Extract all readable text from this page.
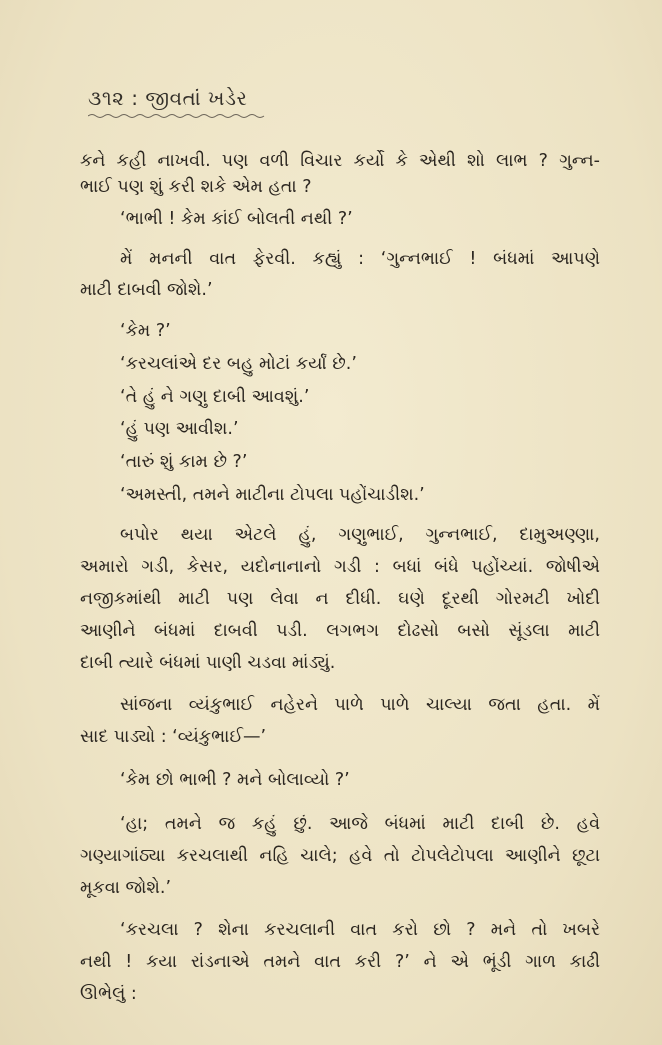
૩૧૨ : જીવતાં ખડેર
કને કહી નાખવી. પણ વળી વિચાર કર્યો કે એથી શો લાભ ? ગુન્ન-
ભાઈ પણ શું કરી શકે એમ હતા ?
‘ભાભી ! કેમ કાંઈ બોલતી નથી ?’
મેં મનની વાત ફેરવી. કહ્યું : ‘ગુન્નભાઈ ! બંધમાં આપણે
માટી દાબવી જોશે.’
‘કેમ ?’
‘કરચલાંએ દર બહુ મોટાં કર્યાં છે.’
‘તે હું ને ગણુ દાબી આવશું.’
‘હું પણ આવીશ.’
‘તારું શું કામ છે ?’
‘અમસ્તી, તમને માટીના ટોપલા પહોંચાડીશ.’
બપોર થયા એટલે હું, ગણુભાઈ, ગુન્નભાઈ, દામુઅણ્ણા,
અમારો ગડી, કેસર, યદોનાનાનો ગડી : બધાં બંધે પહોંચ્યાં. જોષીએ
નજીકમાંથી માટી પણ લેવા ન દીધી. ઘણે દૂરથી ગોરમટી ખોદી
આણીને બંધમાં દાબવી પડી. લગભગ દોઢસો બસો સૂંડલા માટી
દાબી ત્યારે બંધમાં પાણી ચડવા માંડ્યું.
સાંજના વ્યંકુભાઈ નહેરને પાળે પાળે ચાલ્યા જતા હતા. મેં
સાદ પાડ્યો : ‘વ્યંકુભાઈ—’
‘કેમ છો ભાભી ? મને બોલાવ્યો ?’
‘હા; તમને જ કહું છું. આજે બંધમાં માટી દાબી છે. હવે
ગણ્યાગાંઠ્યા કરચલાથી નહિ ચાલે; હવે તો ટોપલેટોપલા આણીને છૂટા
મૂકવા જોશે.’
‘કરચલા ? શેના કરચલાની વાત કરો છો ? મને તો ખબરે
નથી ! કયા રાંડનાએ તમને વાત કરી ?’ ને એ ભૂંડી ગાળ કાઢી
ઊભેલું :
